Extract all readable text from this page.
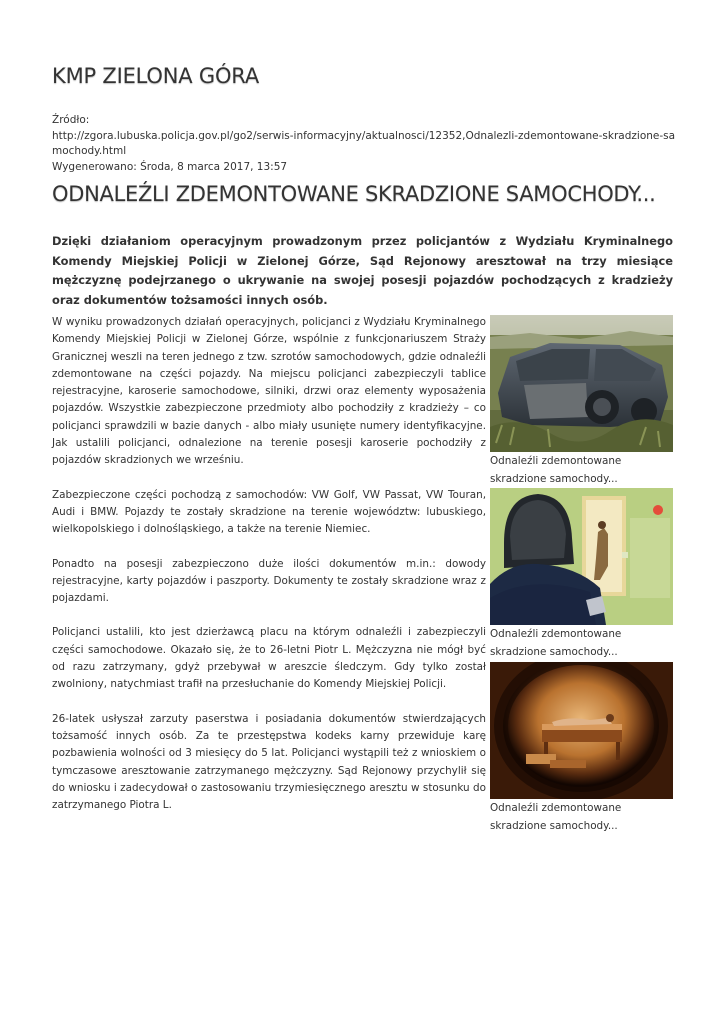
KMP ZIELONA GÓRA
Źródło:
http://zgora.lubuska.policja.gov.pl/go2/serwis-informacyjny/aktualnosci/12352,Odnalezli-zdemontowane-skradzione-samochody.html
Wygenerowano: Środa, 8 marca 2017, 13:57
ODNALEŹLI ZDEMONTOWANE SKRADZIONE SAMOCHODY...
Dzięki działaniom operacyjnym prowadzonym przez policjantów z Wydziału Kryminalnego Komendy Miejskiej Policji w Zielonej Górze, Sąd Rejonowy aresztował na trzy miesiące mężczyznę podejrzanego o ukrywanie na swojej posesji pojazdów pochodzących z kradzieży oraz dokumentów tożsamości innych osób.

W wyniku prowadzonych działań operacyjnych, policjanci z Wydziału Kryminalnego Komendy Miejskiej Policji w Zielonej Górze, wspólnie z funkcjonariuszem Straży Granicznej weszli na teren jednego z tzw. szrotów samochodowych, gdzie odnaleźli zdemontowane na części pojazdy. Na miejscu policjanci zabezpieczyli tablice rejestracyjne, karoserie samochodowe, silniki, drzwi oraz elementy wyposażenia pojazdów. Wszystkie zabezpieczone przedmioty albo pochodziły z kradzieży – co policjanci sprawdzili w bazie danych - albo miały usunięte numery identyfikacyjne. Jak ustalili policjanci, odnalezione na terenie posesji karoserie pochodziły z pojazdów skradzionych we wrześniu.

Zabezpieczone części pochodzą z samochodów: VW Golf, VW Passat, VW Touran, Audi i BMW. Pojazdy te zostały skradzione na terenie województw: lubuskiego, wielkopolskiego i dolnośląskiego, a także na terenie Niemiec.

Ponadto na posesji zabezpieczono duże ilości dokumentów m.in.: dowody rejestracyjne, karty pojazdów i paszporty. Dokumenty te zostały skradzione wraz z pojazdami.

Policjanci ustalili, kto jest dzierżawcą placu na którym odnaleźli i zabezpieczyli części samochodowe. Okazało się, że to 26-letni Piotr L. Mężczyzna nie mógł być od razu zatrzymany, gdyż przebywał w areszcie śledczym. Gdy tylko został zwolniony, natychmiast trafił na przesłuchanie do Komendy Miejskiej Policji.

26-latek usłyszał zarzuty paserstwa i posiadania dokumentów stwierdzających tożsamość innych osób. Za te przestępstwa kodeks karny przewiduje karę pozbawienia wolności od 3 miesięcy do 5 lat. Policjanci wystąpili też z wnioskiem o tymczasowe aresztowanie zatrzymanego mężczyzny. Sąd Rejonowy przychylił się do wniosku i zadecydował o zastosowaniu trzymiesięcznego aresztu w stosunku do zatrzymanego Piotra L.

Odnaleźli zdemontowane skradzione samochody...
Odnaleźli zdemontowane skradzione samochody...
Odnaleźli zdemontowane skradzione samochody...
